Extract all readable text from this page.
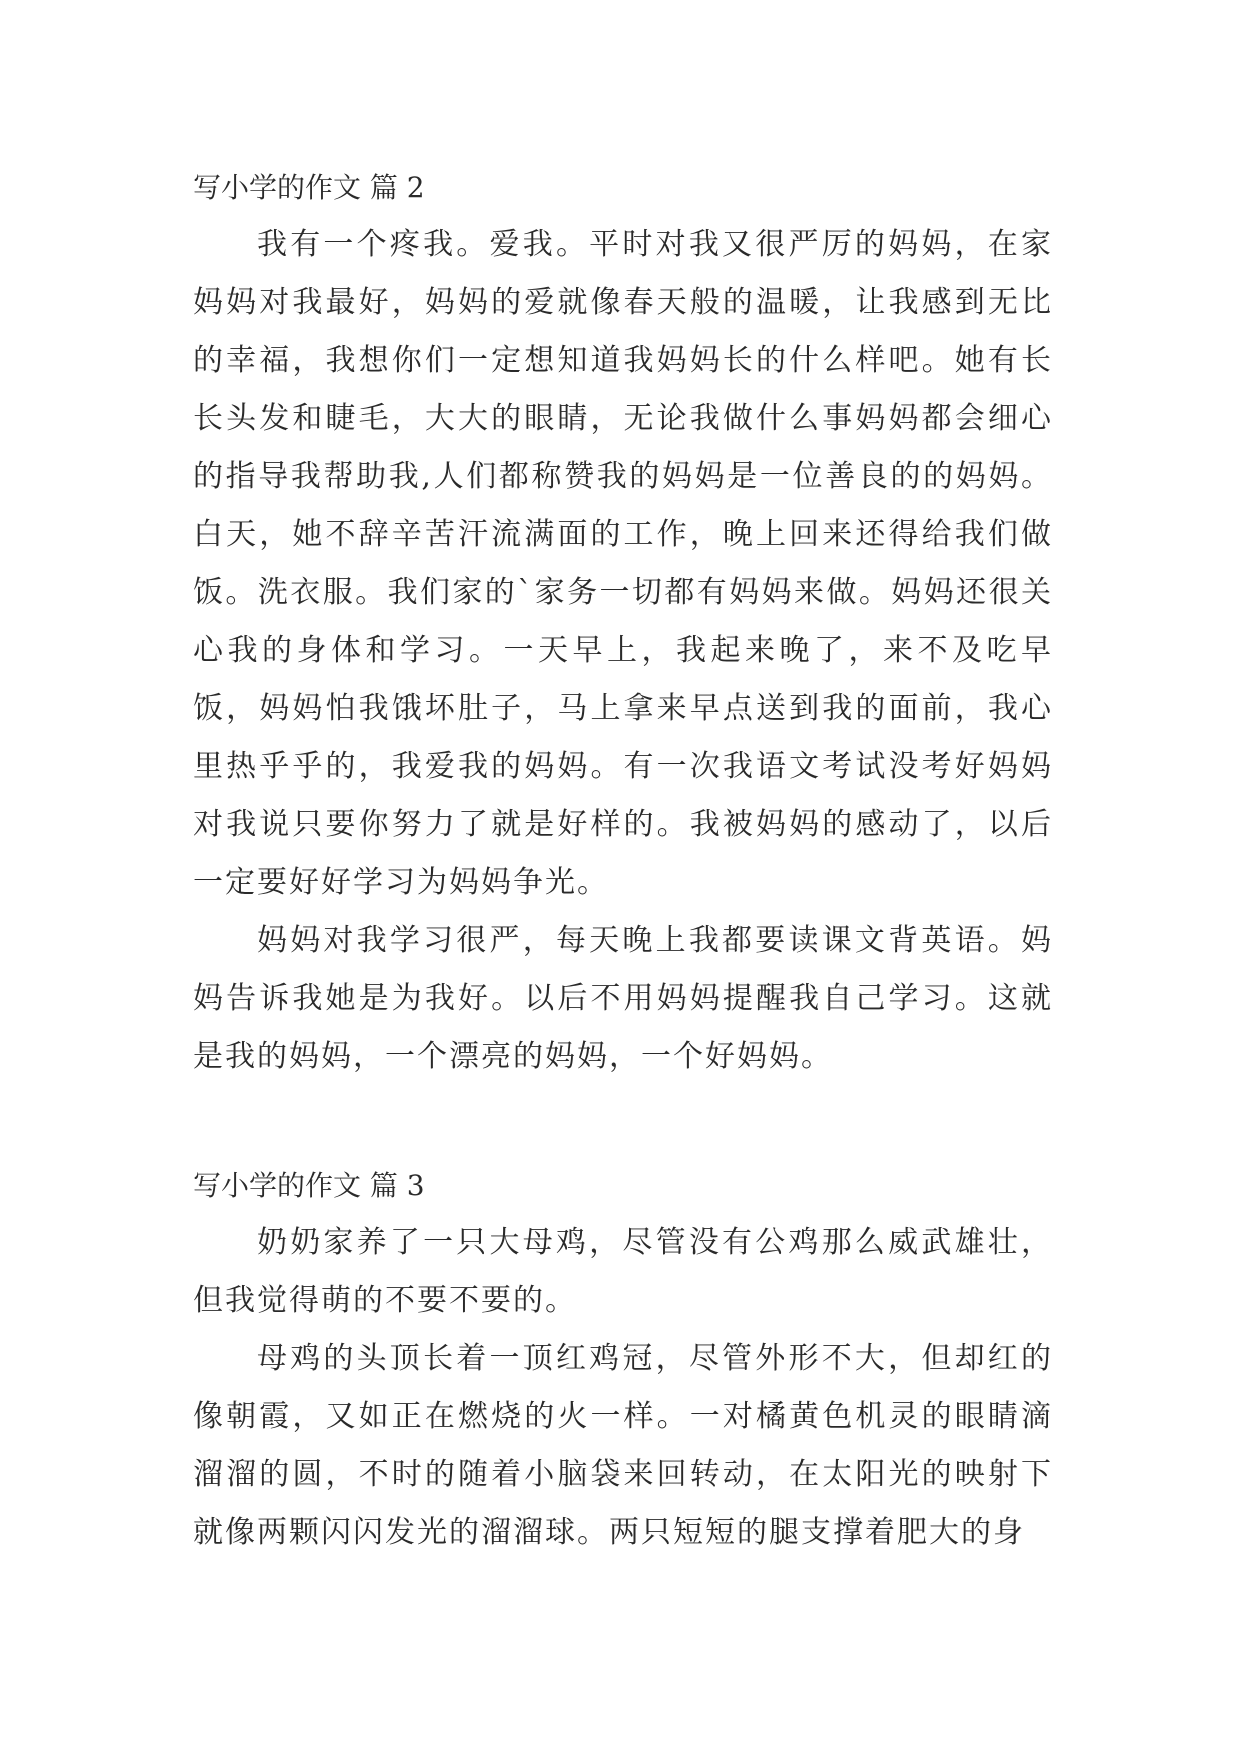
写小学的作文 篇 2

我有一个疼我。爱我。平时对我又很严厉的妈妈，在家妈妈对我最好，妈妈的爱就像春天般的温暖，让我感到无比的幸福，我想你们一定想知道我妈妈长的什么样吧。她有长长头发和睫毛，大大的眼睛，无论我做什么事妈妈都会细心的指导我帮助我,人们都称赞我的妈妈是一位善良的的妈妈。白天，她不辞辛苦汗流满面的工作，晚上回来还得给我们做饭。洗衣服。我们家的`家务一切都有妈妈来做。妈妈还很关心我的身体和学习。一天早上，我起来晚了，来不及吃早饭，妈妈怕我饿坏肚子，马上拿来早点送到我的面前，我心里热乎乎的，我爱我的妈妈。有一次我语文考试没考好妈妈对我说只要你努力了就是好样的。我被妈妈的感动了，以后一定要好好学习为妈妈争光。

妈妈对我学习很严，每天晚上我都要读课文背英语。妈妈告诉我她是为我好。以后不用妈妈提醒我自己学习。这就是我的妈妈，一个漂亮的妈妈，一个好妈妈。

写小学的作文 篇 3

奶奶家养了一只大母鸡，尽管没有公鸡那么威武雄壮，但我觉得萌的不要不要的。

母鸡的头顶长着一顶红鸡冠，尽管外形不大，但却红的像朝霞，又如正在燃烧的火一样。一对橘黄色机灵的眼睛滴溜溜的圆，不时的随着小脑袋来回转动，在太阳光的映射下就像两颗闪闪发光的溜溜球。两只短短的腿支撑着肥大的身
